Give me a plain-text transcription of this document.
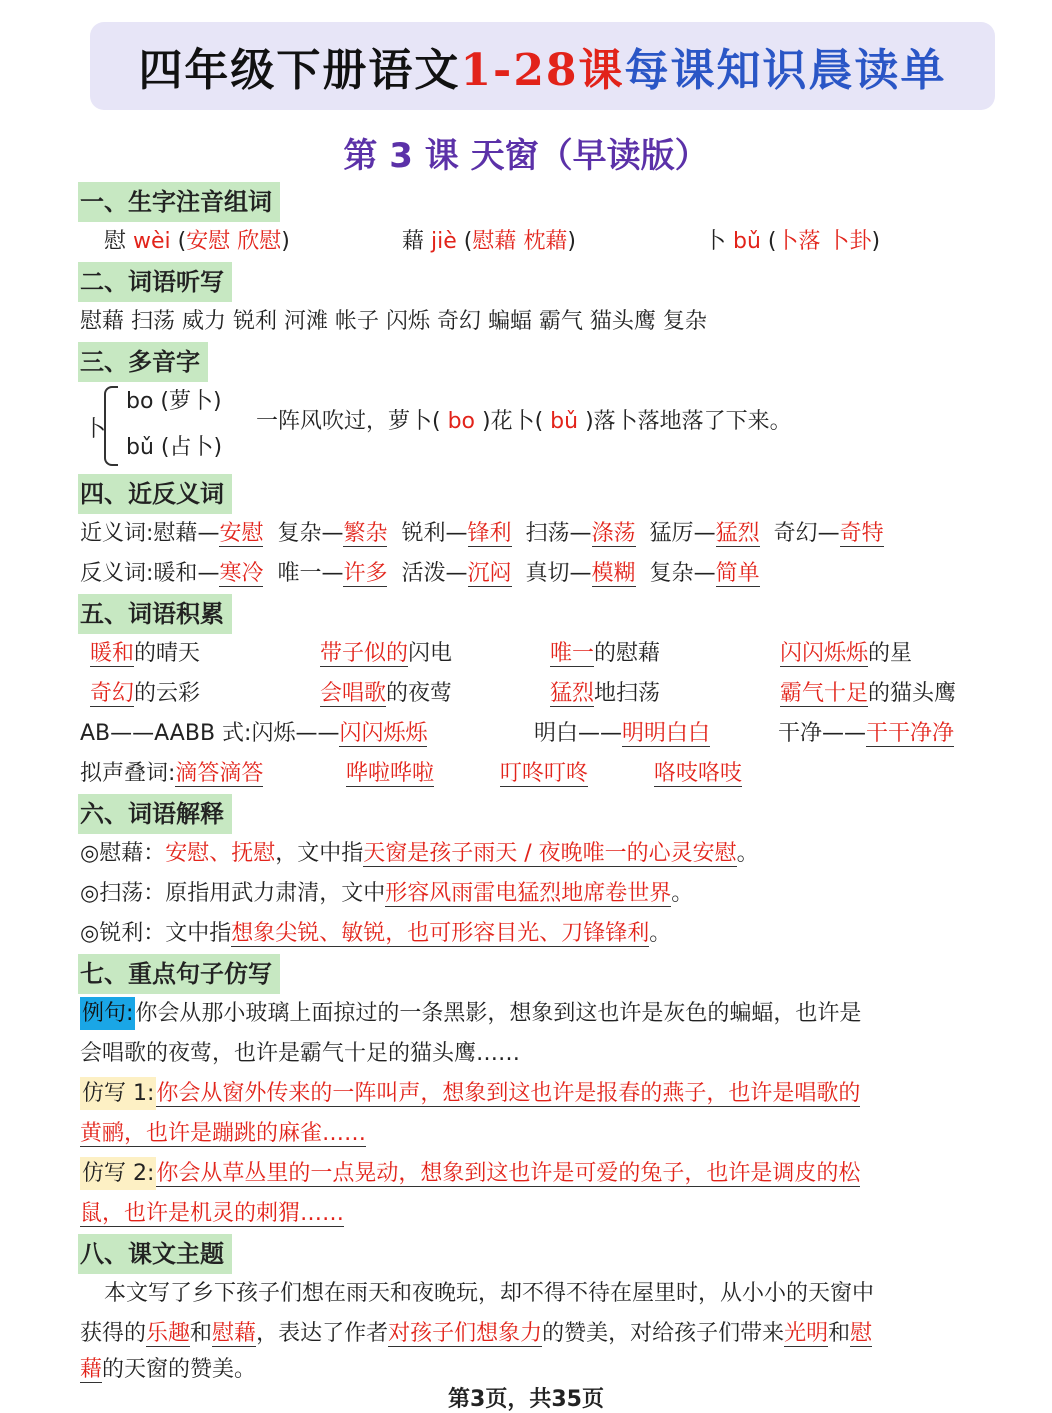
四年级下册语文 1-28课 每课知识晨读单
第 3 课 天窗（早读版）
一、生字注音组词
慰 wèi (安慰 欣慰)	藉 jiè (慰藉 枕藉)	卜 bǔ (卜落 卜卦)
二、词语听写
慰藉 扫荡 威力 锐利 河滩 帐子 闪烁 奇幻 蝙蝠 霸气 猫头鹰 复杂
三、多音字
卜
bo (萝卜)
bǔ (占卜)
一阵风吹过，萝卜( bo )花卜( bǔ )落卜落地落了下来。
四、近反义词
近义词:慰藉—安慰 复杂—繁杂 锐利—锋利 扫荡—涤荡 猛厉—猛烈 奇幻—奇特
反义词:暖和—寒冷 唯一—许多 活泼—沉闷 真切—模糊 复杂—简单
五、词语积累
暖和的晴天	带子似的闪电	唯一的慰藉	闪闪烁烁的星
奇幻的云彩	会唱歌的夜莺	猛烈地扫荡	霸气十足的猫头鹰
AB——AABB 式:闪烁——闪闪烁烁	明白——明明白白	干净——干干净净
拟声叠词:滴答滴答	哗啦哗啦	叮咚叮咚	咯吱咯吱
六、词语解释
◎慰藉：安慰、抚慰，文中指天窗是孩子雨天 / 夜晚唯一的心灵安慰。
◎扫荡：原指用武力肃清，文中形容风雨雷电猛烈地席卷世界。
◎锐利：文中指想象尖锐、敏锐，也可形容目光、刀锋锋利。
七、重点句子仿写
例句:你会从那小玻璃上面掠过的一条黑影，想象到这也许是灰色的蝙蝠，也许是
会唱歌的夜莺，也许是霸气十足的猫头鹰……
仿写 1:你会从窗外传来的一阵叫声，想象到这也许是报春的燕子，也许是唱歌的
黄鹂，也许是蹦跳的麻雀……
仿写 2:你会从草丛里的一点晃动，想象到这也许是可爱的兔子，也许是调皮的松
鼠，也许是机灵的刺猬……
八、课文主题
本文写了乡下孩子们想在雨天和夜晚玩，却不得不待在屋里时，从小小的天窗中
获得的乐趣和慰藉，表达了作者对孩子们想象力的赞美，对给孩子们带来光明和慰
藉的天窗的赞美。
第3页，共35页
